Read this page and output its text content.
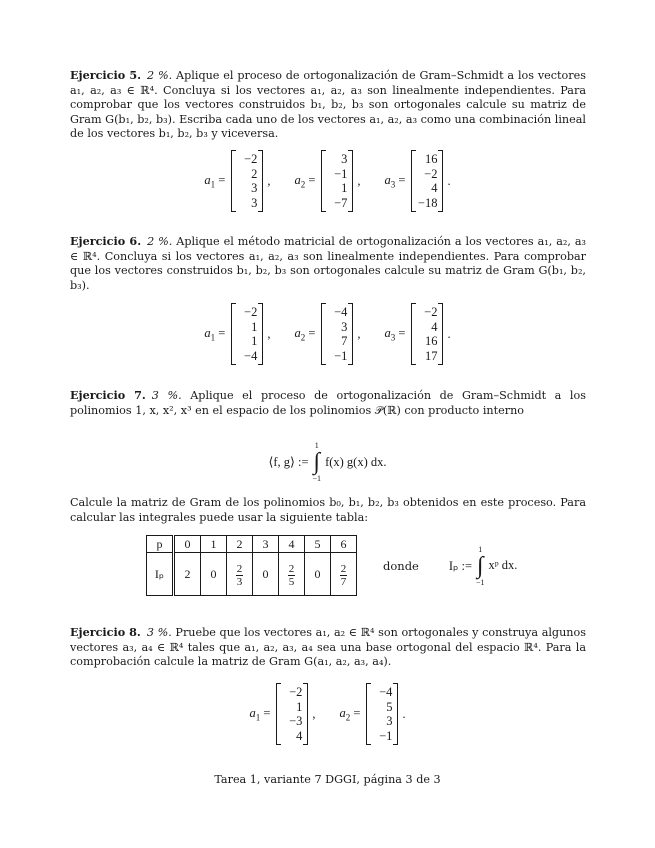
Ejercicio 5. 2 %. Aplique el proceso de ortogonalización de Gram–Schmidt a los vectores a₁, a₂, a₃ ∈ ℝ⁴. Concluya si los vectores a₁, a₂, a₃ son linealmente independientes. Para comprobar que los vectores construidos b₁, b₂, b₃ son ortogonales calcule su matriz de Gram G(b₁, b₂, b₃). Escriba cada uno de los vectores a₁, a₂, a₃ como una combinación lineal de los vectores b₁, b₂, b₃ y viceversa.

$a_1$ =
−2
2
3
3
, $a_2$ =
3
−1
1
−7
, $a_3$ =
16
−2
4
−18
.

Ejercicio 6. 2 %. Aplique el método matricial de ortogonalización a los vectores a₁, a₂, a₃ ∈ ℝ⁴. Concluya si los vectores a₁, a₂, a₃ son linealmente independientes. Para comprobar que los vectores construidos b₁, b₂, b₃ son ortogonales calcule su matriz de Gram G(b₁, b₂, b₃).

$a_1$ =
−2
1
1
−4
, $a_2$ =
−4
3
7
−1
, $a_3$ =
−2
4
16
17
.

Ejercicio 7. 3 %. Aplique el proceso de ortogonalización de Gram–Schmidt a los polinomios 1, x, x², x³ en el espacio de los polinomios 𝒫(ℝ) con producto interno

⟨f, g⟩ :=
1
∫
−1
f(x) g(x) dx.

Calcule la matriz de Gram de los polinomios b₀, b₁, b₂, b₃ obtenidos en este proceso. Para calcular las integrales puede usar la siguiente tabla:

p	0	1	2	3	4	5	6
Iₚ	2	0	$\frac{2}{3}$	0	$\frac{2}{5}$	0	$\frac{2}{7}$	donde Iₚ :=
1
∫
−1
xᵖ dx.

Ejercicio 8. 3 %. Pruebe que los vectores a₁, a₂ ∈ ℝ⁴ son ortogonales y construya algunos vectores a₃, a₄ ∈ ℝ⁴ tales que a₁, a₂, a₃, a₄ sea una base ortogonal del espacio ℝ⁴. Para la comprobación calcule la matriz de Gram G(a₁, a₂, a₃, a₄).

$a_1$ =
−2
1
−3
4
, $a_2$ =
−4
5
3
−1
.
Tarea 1, variante 7 DGGI, página 3 de 3
